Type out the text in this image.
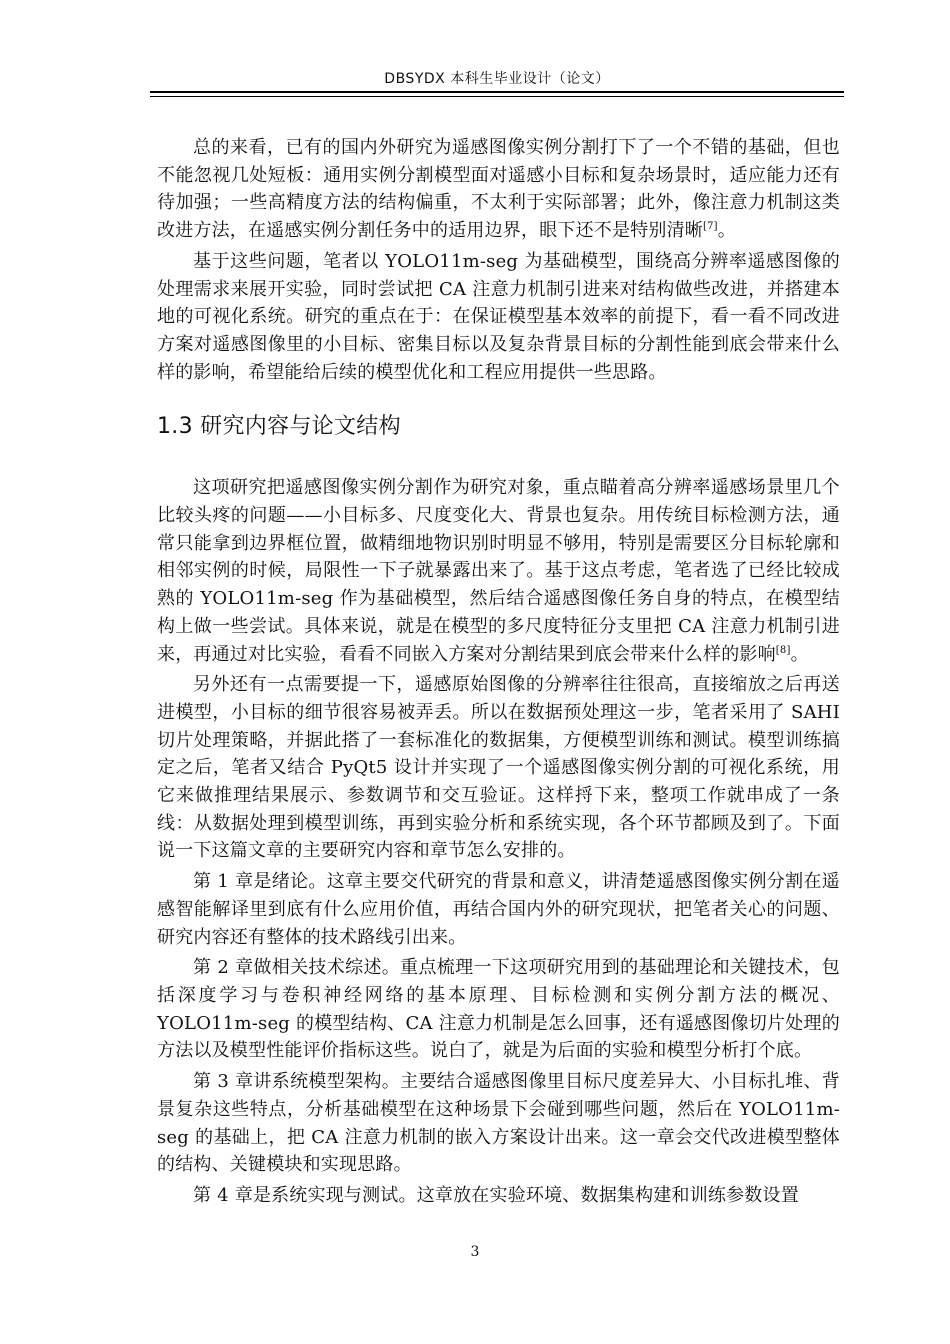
DBSYDX 本科生毕业设计（论文）

总的来看，已有的国内外研究为遥感图像实例分割打下了一个不错的基础，但也不能忽视几处短板：通用实例分割模型面对遥感小目标和复杂场景时，适应能力还有待加强；一些高精度方法的结构偏重，不太利于实际部署；此外，像注意力机制这类改进方法，在遥感实例分割任务中的适用边界，眼下还不是特别清晰[7]。

基于这些问题，笔者以 YOLO11m-seg 为基础模型，围绕高分辨率遥感图像的处理需求来展开实验，同时尝试把 CA 注意力机制引进来对结构做些改进，并搭建本地的可视化系统。研究的重点在于：在保证模型基本效率的前提下，看一看不同改进方案对遥感图像里的小目标、密集目标以及复杂背景目标的分割性能到底会带来什么样的影响，希望能给后续的模型优化和工程应用提供一些思路。

1.3 研究内容与论文结构

这项研究把遥感图像实例分割作为研究对象，重点瞄着高分辨率遥感场景里几个比较头疼的问题——小目标多、尺度变化大、背景也复杂。用传统目标检测方法，通常只能拿到边界框位置，做精细地物识别时明显不够用，特别是需要区分目标轮廓和相邻实例的时候，局限性一下子就暴露出来了。基于这点考虑，笔者选了已经比较成熟的 YOLO11m-seg 作为基础模型，然后结合遥感图像任务自身的特点，在模型结构上做一些尝试。具体来说，就是在模型的多尺度特征分支里把 CA 注意力机制引进来，再通过对比实验，看看不同嵌入方案对分割结果到底会带来什么样的影响[8]。

另外还有一点需要提一下，遥感原始图像的分辨率往往很高，直接缩放之后再送进模型，小目标的细节很容易被弄丢。所以在数据预处理这一步，笔者采用了 SAHI 切片处理策略，并据此搭了一套标准化的数据集，方便模型训练和测试。模型训练搞定之后，笔者又结合 PyQt5 设计并实现了一个遥感图像实例分割的可视化系统，用它来做推理结果展示、参数调节和交互验证。这样捋下来，整项工作就串成了一条线：从数据处理到模型训练，再到实验分析和系统实现，各个环节都顾及到了。下面说一下这篇文章的主要研究内容和章节怎么安排的。

第 1 章是绪论。这章主要交代研究的背景和意义，讲清楚遥感图像实例分割在遥感智能解译里到底有什么应用价值，再结合国内外的研究现状，把笔者关心的问题、研究内容还有整体的技术路线引出来。

第 2 章做相关技术综述。重点梳理一下这项研究用到的基础理论和关键技术，包括深度学习与卷积神经网络的基本原理、目标检测和实例分割方法的概况、YOLO11m-seg 的模型结构、CA 注意力机制是怎么回事，还有遥感图像切片处理的方法以及模型性能评价指标这些。说白了，就是为后面的实验和模型分析打个底。

第 3 章讲系统模型架构。主要结合遥感图像里目标尺度差异大、小目标扎堆、背景复杂这些特点，分析基础模型在这种场景下会碰到哪些问题，然后在 YOLO11m-seg 的基础上，把 CA 注意力机制的嵌入方案设计出来。这一章会交代改进模型整体的结构、关键模块和实现思路。

第 4 章是系统实现与测试。这章放在实验环境、数据集构建和训练参数设置

3
